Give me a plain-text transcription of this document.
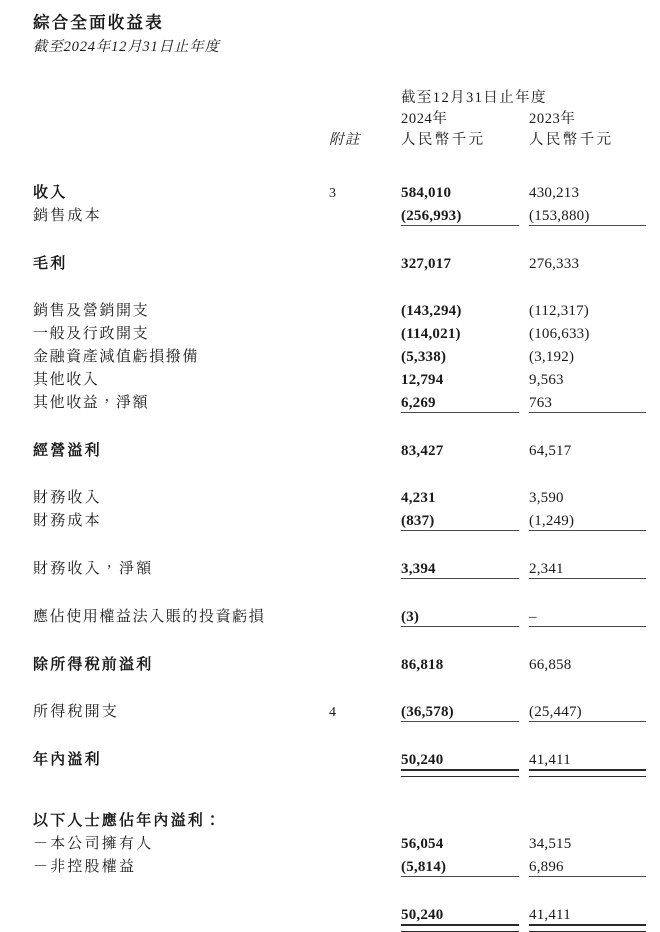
綜合全面收益表
截至2024年12月31日止年度
			截至12月31日止年度		
			2024年		2023年
	附註		人民幣千元		人民幣千元

收入	3		584,010		430,213
銷售成本			(256,993)		(153,880)

毛利			327,017		276,333

銷售及營銷開支			(143,294)		(112,317)
一般及行政開支			(114,021)		(106,633)
金融資產減值虧損撥備			(5,338)		(3,192)
其他收入			12,794		9,563
其他收益，淨額			6,269		763

經營溢利			83,427		64,517

財務收入			4,231		3,590
財務成本			(837)		(1,249)

財務收入，淨額			3,394		2,341

應佔使用權益法入賬的投資虧損			(3)		–

除所得稅前溢利			86,818		66,858

所得稅開支	4		(36,578)		(25,447)

年內溢利			50,240		41,411

以下人士應佔年內溢利：					
－本公司擁有人			56,054		34,515
－非控股權益			(5,814)		6,896

			50,240		41,411
